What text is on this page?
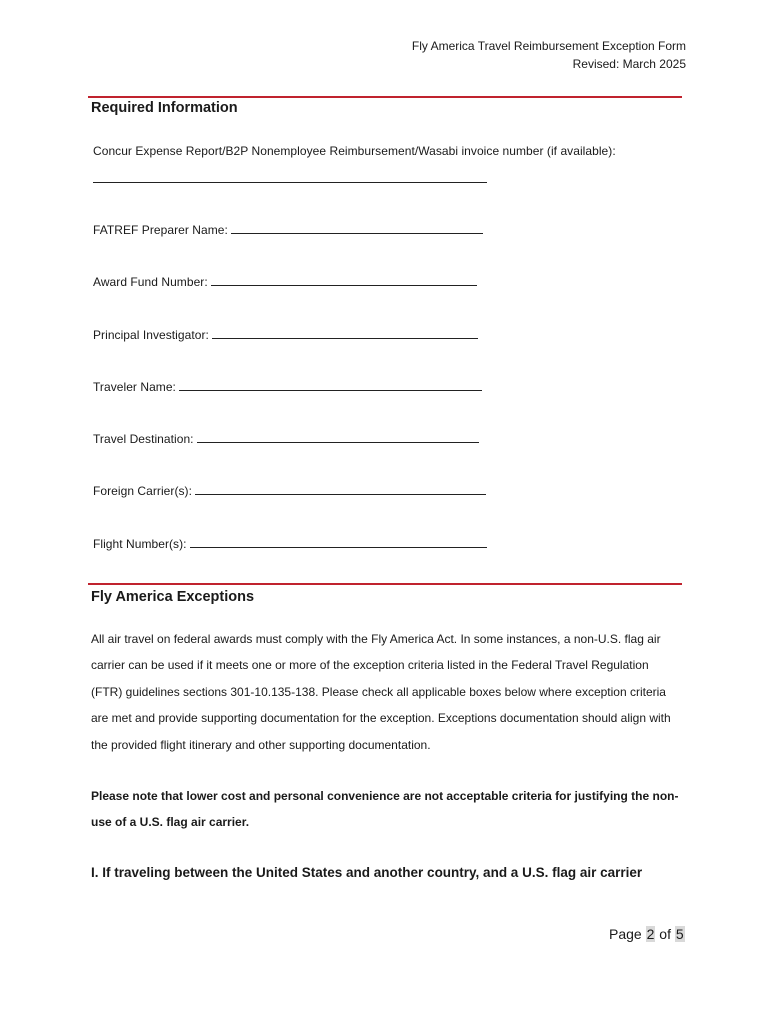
Fly America Travel Reimbursement Exception Form
Revised: March 2025
Required Information
Concur Expense Report/B2P Nonemployee Reimbursement/Wasabi invoice number (if available):
FATREF Preparer Name:
Award Fund Number:
Principal Investigator:
Traveler Name:
Travel Destination:
Foreign Carrier(s):
Flight Number(s):
Fly America Exceptions
All air travel on federal awards must comply with the Fly America Act. In some instances, a non-U.S. flag air carrier can be used if it meets one or more of the exception criteria listed in the Federal Travel Regulation (FTR) guidelines sections 301-10.135-138. Please check all applicable boxes below where exception criteria are met and provide supporting documentation for the exception. Exceptions documentation should align with the provided flight itinerary and other supporting documentation.
Please note that lower cost and personal convenience are not acceptable criteria for justifying the non-use of a U.S. flag air carrier.
I. If traveling between the United States and another country, and a U.S. flag air carrier
Page 2 of 5
